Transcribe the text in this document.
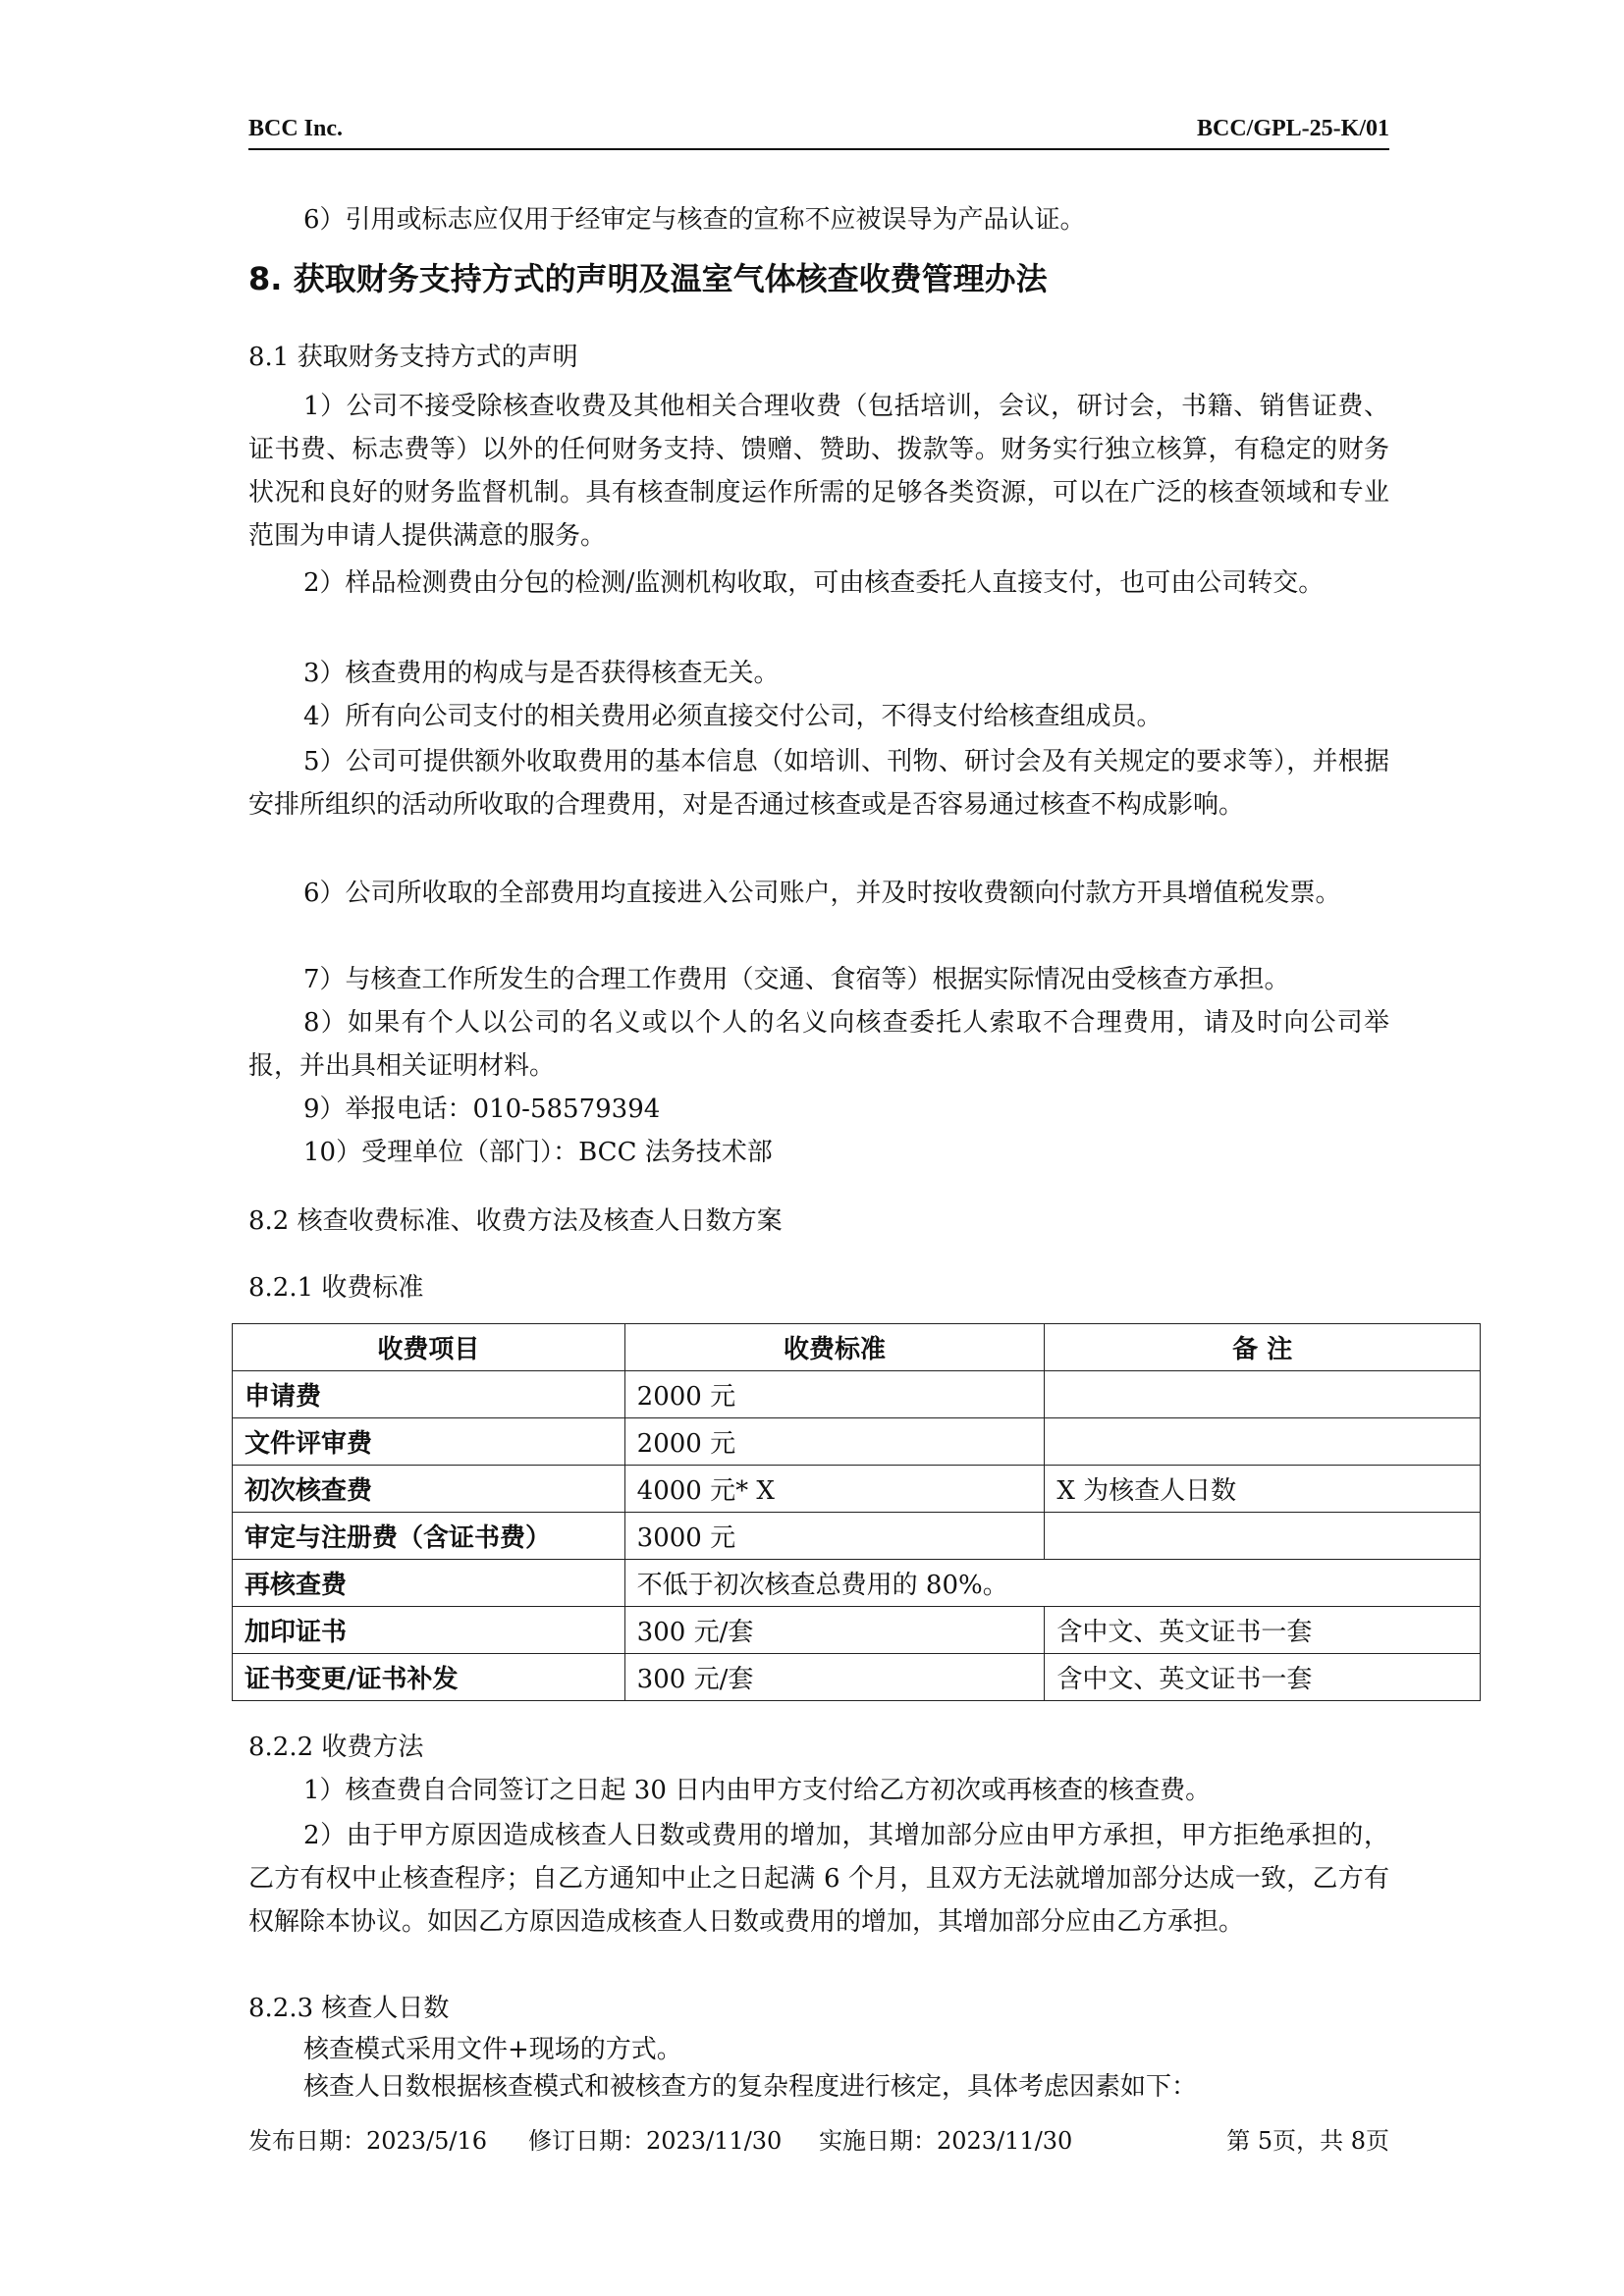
BCC Inc.	BCC/GPL-25-K/01
6）引用或标志应仅用于经审定与核查的宣称不应被误导为产品认证。
8. 获取财务支持方式的声明及温室气体核查收费管理办法
8.1 获取财务支持方式的声明
1）公司不接受除核查收费及其他相关合理收费（包括培训，会议，研讨会，书籍、销售证费、证书费、标志费等）以外的任何财务支持、馈赠、赞助、拨款等。财务实行独立核算，有稳定的财务状况和良好的财务监督机制。具有核查制度运作所需的足够各类资源，可以在广泛的核查领域和专业范围为申请人提供满意的服务。
2）样品检测费由分包的检测/监测机构收取，可由核查委托人直接支付，也可由公司转交。
3）核查费用的构成与是否获得核查无关。
4）所有向公司支付的相关费用必须直接交付公司，不得支付给核查组成员。
5）公司可提供额外收取费用的基本信息（如培训、刊物、研讨会及有关规定的要求等），并根据安排所组织的活动所收取的合理费用，对是否通过核查或是否容易通过核查不构成影响。
6）公司所收取的全部费用均直接进入公司账户，并及时按收费额向付款方开具增值税发票。
7）与核查工作所发生的合理工作费用（交通、食宿等）根据实际情况由受核查方承担。
8）如果有个人以公司的名义或以个人的名义向核查委托人索取不合理费用，请及时向公司举报，并出具相关证明材料。
9）举报电话：010-58579394
10）受理单位（部门）：BCC 法务技术部
8.2 核查收费标准、收费方法及核查人日数方案
8.2.1 收费标准
收费项目	收费标准	备 注
申请费	2000 元	
文件评审费	2000 元	
初次核查费	4000 元* X	X 为核查人日数
审定与注册费（含证书费）	3000 元	
再核查费	不低于初次核查总费用的 80%。	
加印证书	300 元/套	含中文、英文证书一套
证书变更/证书补发	300 元/套	含中文、英文证书一套
8.2.2 收费方法
1）核查费自合同签订之日起 30 日内由甲方支付给乙方初次或再核查的核查费。
2）由于甲方原因造成核查人日数或费用的增加，其增加部分应由甲方承担，甲方拒绝承担的，乙方有权中止核查程序；自乙方通知中止之日起满 6 个月，且双方无法就增加部分达成一致，乙方有权解除本协议。如因乙方原因造成核查人日数或费用的增加，其增加部分应由乙方承担。
8.2.3 核查人日数
核查模式采用文件+现场的方式。
核查人日数根据核查模式和被核查方的复杂程度进行核定，具体考虑因素如下：
发布日期：2023/5/16 修订日期：2023/11/30 实施日期：2023/11/30	第 5页，共 8页
